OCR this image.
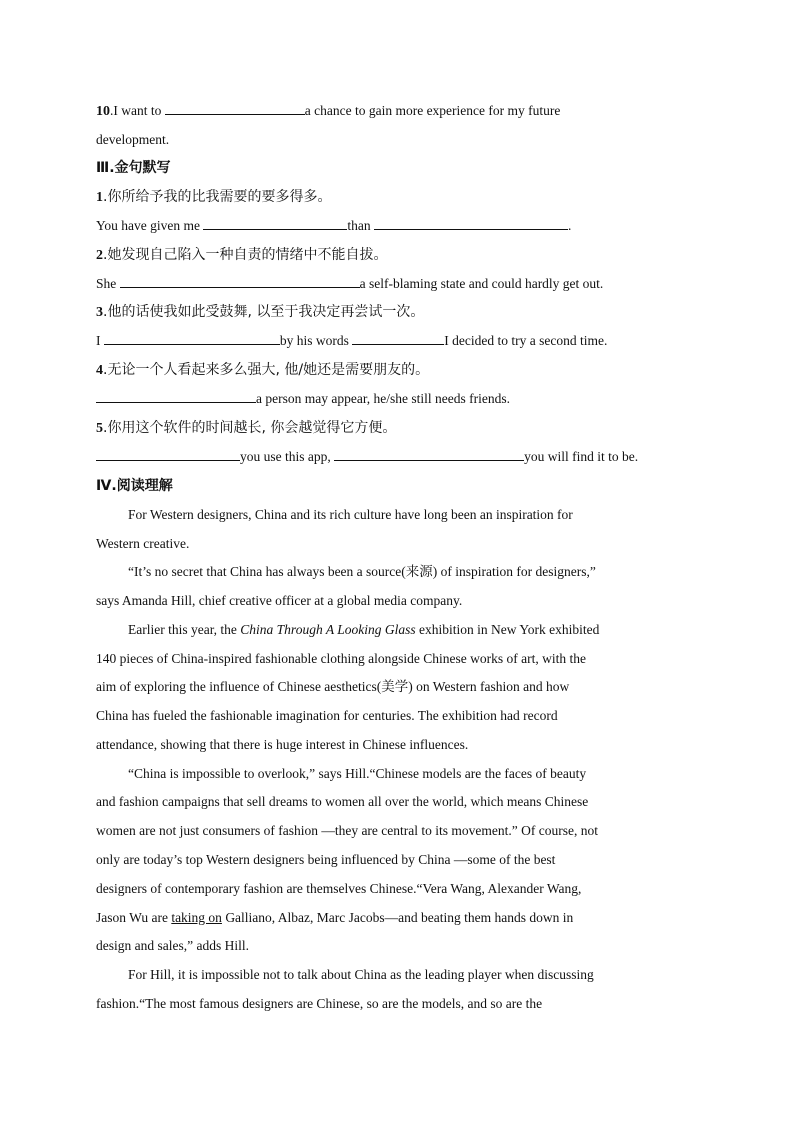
10.I want to	a chance to gain more experience for my future
development.
Ⅲ.金句默写
1.你所给予我的比我需要的要多得多。
You have given me	than	.
2.她发现自己陷入一种自责的情绪中不能自拔。
She	a self-blaming state and could hardly get out.
3.他的话使我如此受鼓舞, 以至于我决定再尝试一次。
I	by his words	I decided to try a second time.
4.无论一个人看起来多么强大, 他/她还是需要朋友的。
a person may appear, he/she still needs friends.
5.你用这个软件的时间越长, 你会越觉得它方便。
you use this app,	you will find it to be.
Ⅳ.阅读理解
For Western designers, China and its rich culture have long been an inspiration for
Western creative.
“It’s no secret that China has always been a source(来源) of inspiration for designers,”
says Amanda Hill, chief creative officer at a global media company.
Earlier this year, the China Through A Looking Glass exhibition in New York exhibited
140 pieces of China-inspired fashionable clothing alongside Chinese works of art, with the
aim of exploring the influence of Chinese aesthetics(美学) on Western fashion and how
China has fueled the fashionable imagination for centuries. The exhibition had record
attendance, showing that there is huge interest in Chinese influences.
“China is impossible to overlook,” says Hill.“Chinese models are the faces of beauty
and fashion campaigns that sell dreams to women all over the world, which means Chinese
women are not just consumers of fashion —they are central to its movement.” Of course, not
only are today’s top Western designers being influenced by China —some of the best
designers of contemporary fashion are themselves Chinese.“Vera Wang, Alexander Wang,
Jason Wu are taking on Galliano, Albaz, Marc Jacobs—and beating them hands down in
design and sales,” adds Hill.
For Hill, it is impossible not to talk about China as the leading player when discussing
fashion.“The most famous designers are Chinese, so are the models, and so are the
